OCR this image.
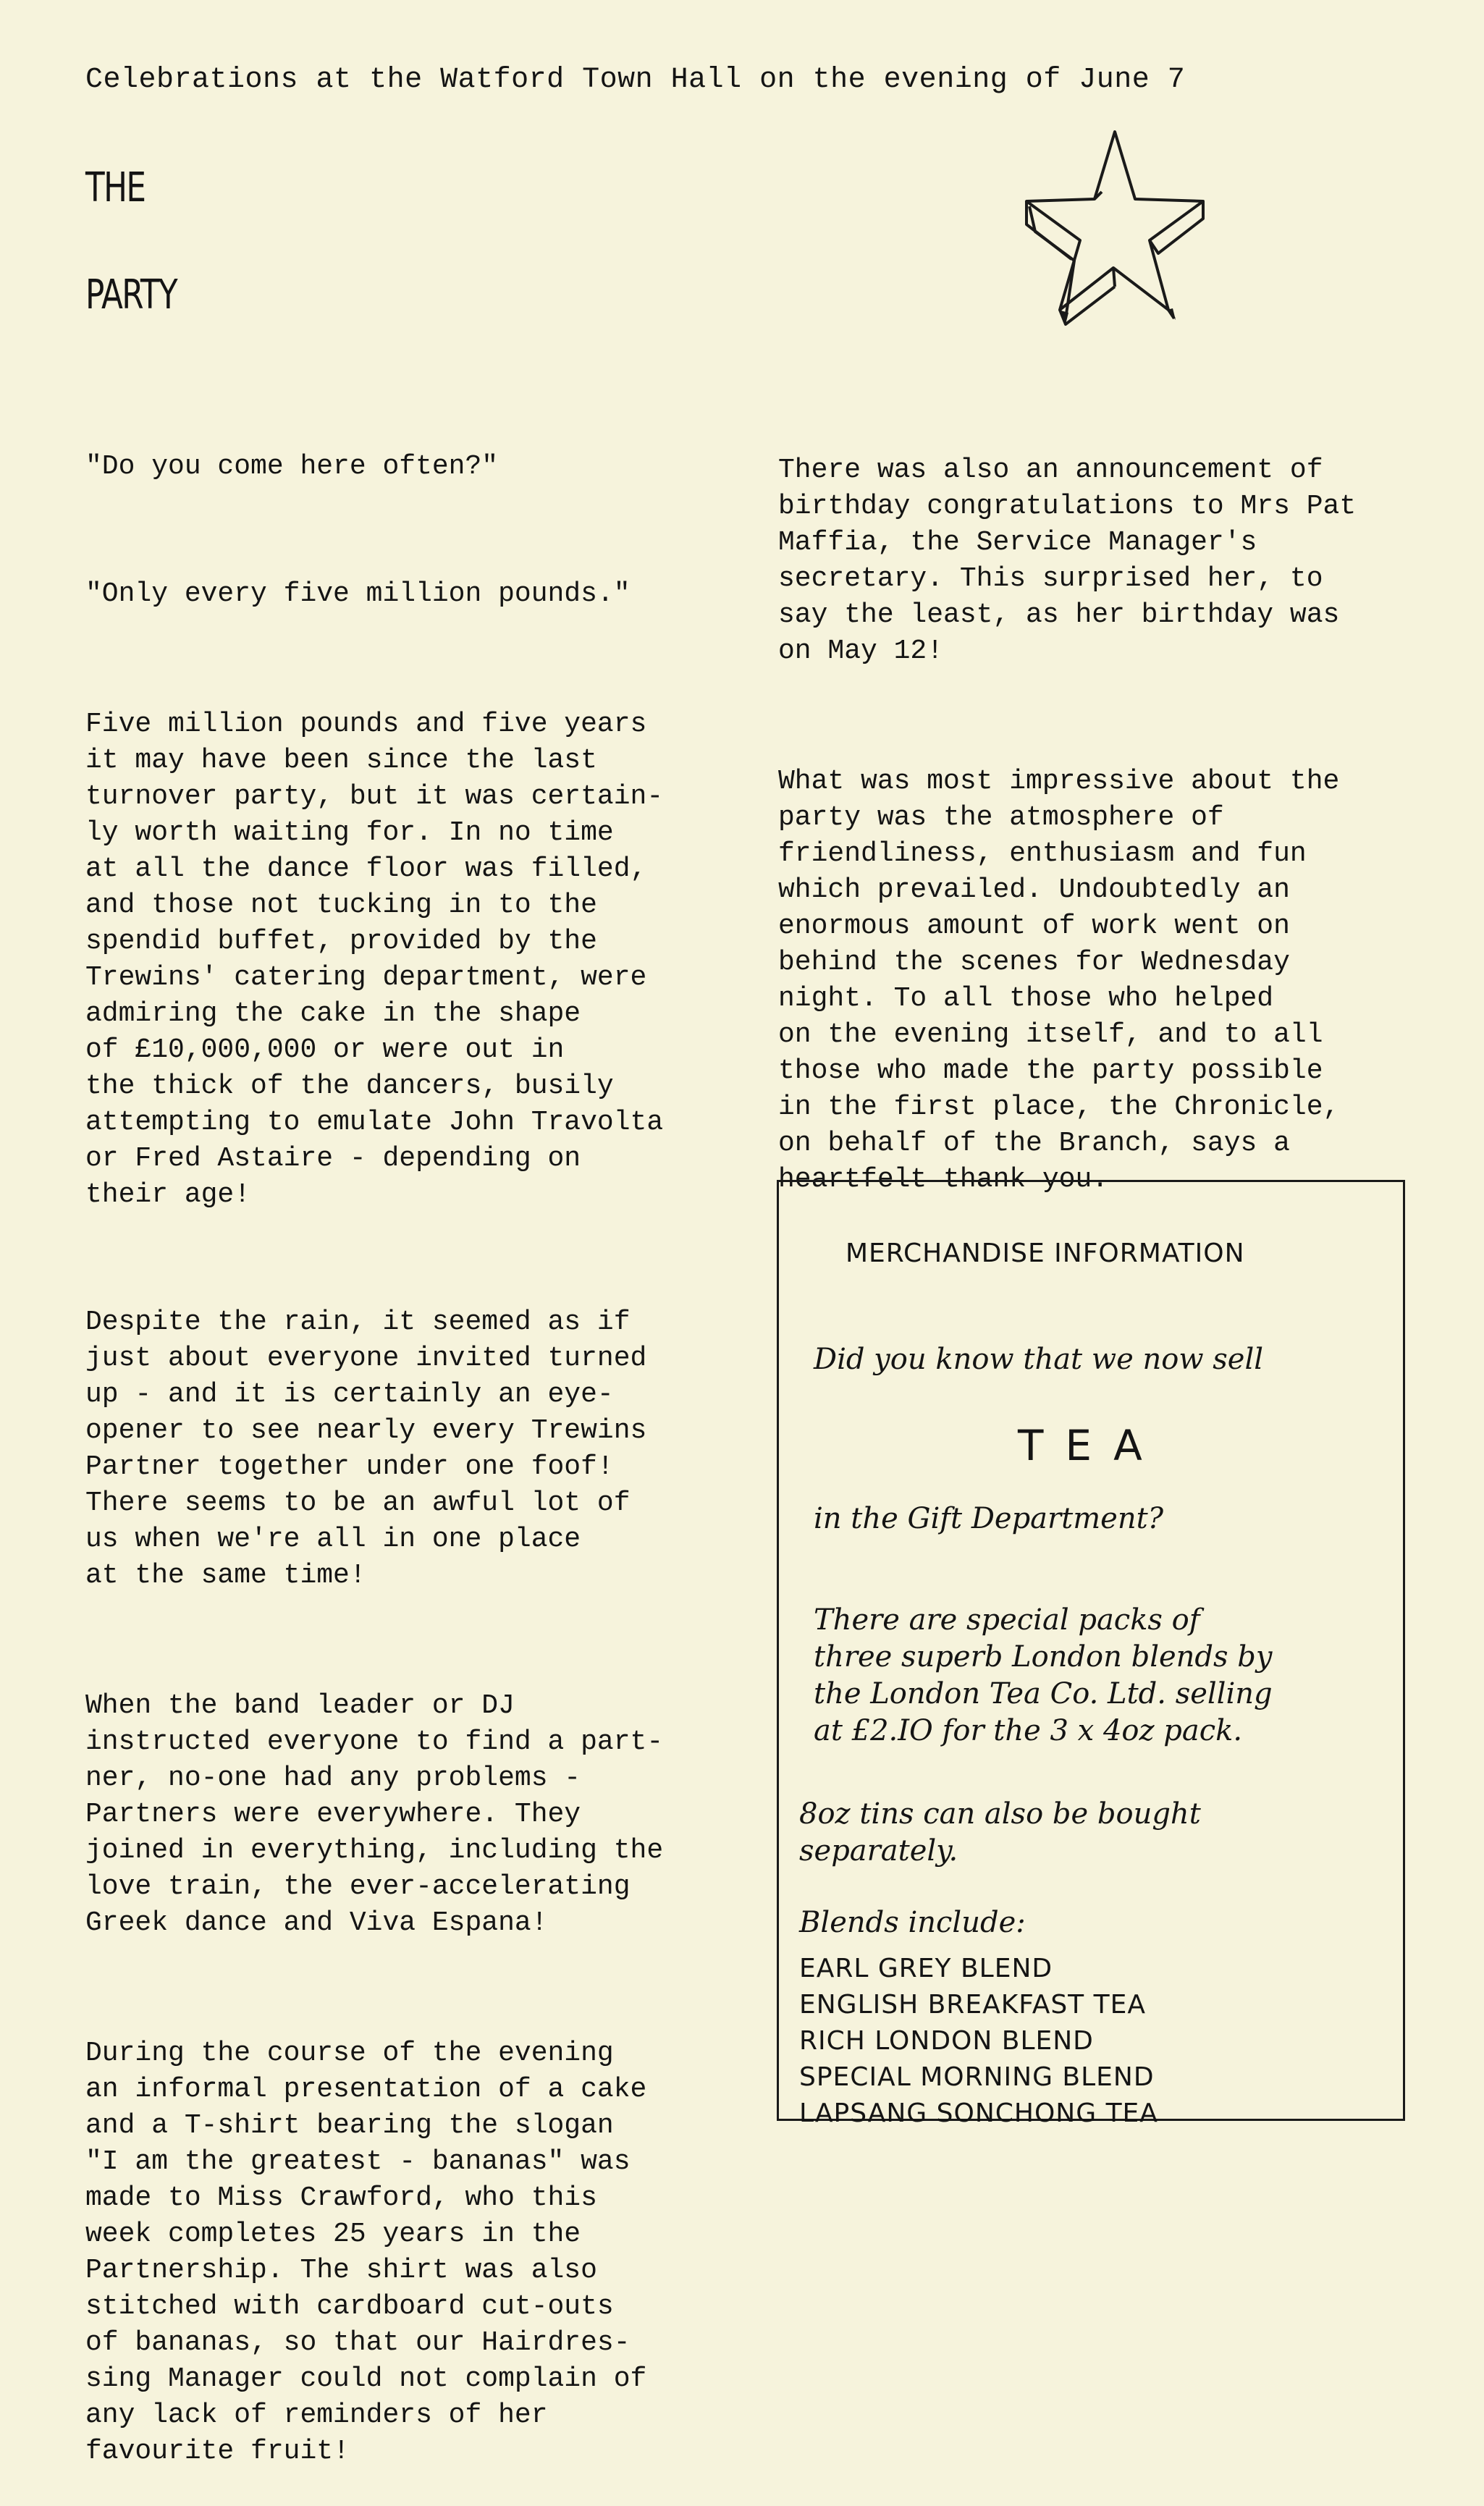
Celebrations at the Watford Town Hall on the evening of June 7
THE
PARTY

"Do you come here often?"

"Only every five million pounds."

Five million pounds and five years
it may have been since the last
turnover party, but it was certain-
ly worth waiting for. In no time
at all the dance floor was filled,
and those not tucking in to the
spendid buffet, provided by the
Trewins' catering department, were
admiring the cake in the shape
of £10,000,000 or were out in
the thick of the dancers, busily
attempting to emulate John Travolta
or Fred Astaire - depending on
their age!

Despite the rain, it seemed as if
just about everyone invited turned
up - and it is certainly an eye-
opener to see nearly every Trewins
Partner together under one foof!
There seems to be an awful lot of
us when we're all in one place
at the same time!

When the band leader or DJ
instructed everyone to find a part-
ner, no-one had any problems -
Partners were everywhere. They
joined in everything, including the
love train, the ever-accelerating
Greek dance and Viva Espana!

During the course of the evening
an informal presentation of a cake
and a T-shirt bearing the slogan
"I am the greatest - bananas" was
made to Miss Crawford, who this
week completes 25 years in the
Partnership. The shirt was also
stitched with cardboard cut-outs
of bananas, so that our Hairdres-
sing Manager could not complain of
any lack of reminders of her
favourite fruit!

There was also an announcement of
birthday congratulations to Mrs Pat
Maffia, the Service Manager's
secretary. This surprised her, to
say the least, as her birthday was
on May 12!

What was most impressive about the
party was the atmosphere of
friendliness, enthusiasm and fun
which prevailed. Undoubtedly an
enormous amount of work went on
behind the scenes for Wednesday
night. To all those who helped
on the evening itself, and to all
those who made the party possible
in the first place, the Chronicle,
on behalf of the Branch, says a
heartfelt thank you.

MERCHANDISE INFORMATION
Did you know that we now sell
TEA
in the Gift Department?
There are special packs of
three superb London blends by
the London Tea Co. Ltd. selling
at £2.IO for the 3 x 4oz pack.
8oz tins can also be bought
separately.
Blends include:
EARL GREY BLEND
ENGLISH BREAKFAST TEA
RICH LONDON BLEND
SPECIAL MORNING BLEND
LAPSANG SONCHONG TEA
